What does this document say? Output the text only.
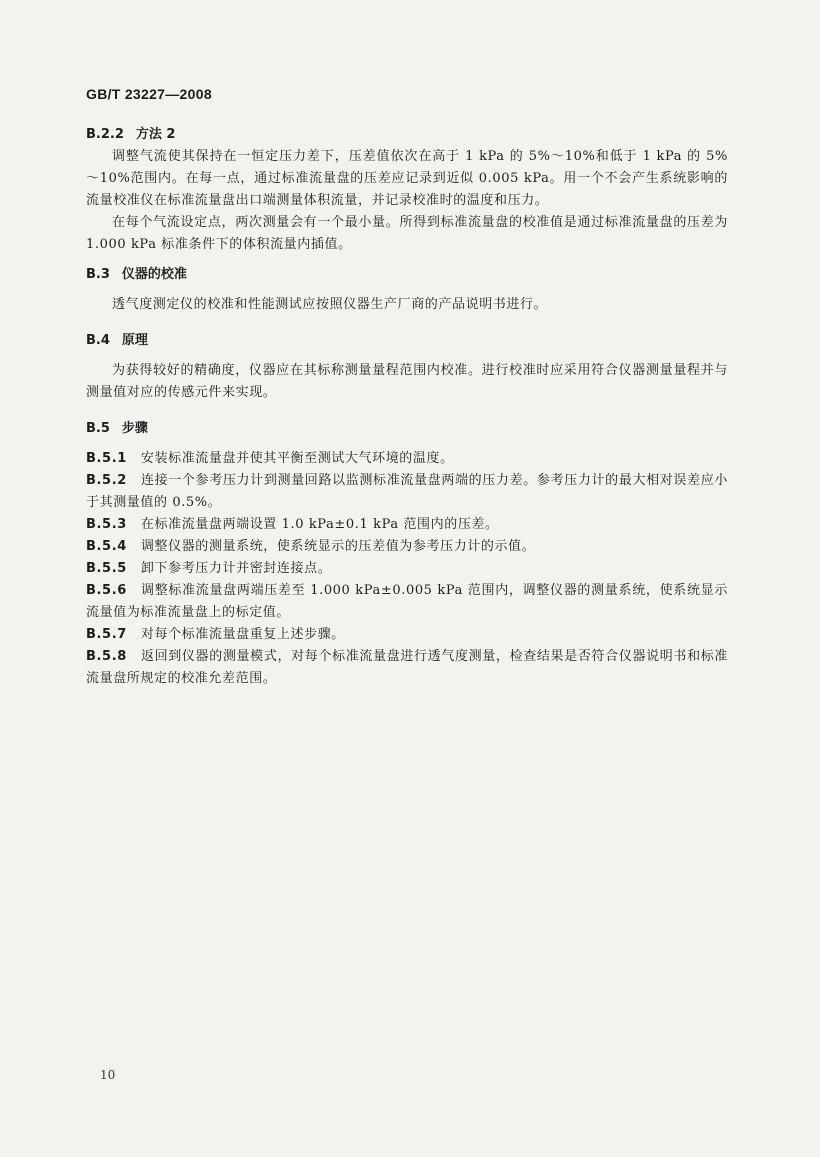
GB/T 23227—2008
B.2.2 方法 2

调整气流使其保持在一恒定压力差下，压差值依次在高于 1 kPa 的 5%～10%和低于 1 kPa 的 5%～10%范围内。在每一点，通过标准流量盘的压差应记录到近似 0.005 kPa。用一个不会产生系统影响的流量校准仪在标准流量盘出口端测量体积流量，并记录校准时的温度和压力。

在每个气流设定点，两次测量会有一个最小量。所得到标准流量盘的校准值是通过标准流量盘的压差为 1.000 kPa 标准条件下的体积流量内插值。

B.3 仪器的校准

透气度测定仪的校准和性能测试应按照仪器生产厂商的产品说明书进行。

B.4 原理

为获得较好的精确度，仪器应在其标称测量量程范围内校准。进行校准时应采用符合仪器测量量程并与测量值对应的传感元件来实现。

B.5 步骤

B.5.1 安装标准流量盘并使其平衡至测试大气环境的温度。

B.5.2 连接一个参考压力计到测量回路以监测标准流量盘两端的压力差。参考压力计的最大相对误差应小于其测量值的 0.5%。

B.5.3 在标准流量盘两端设置 1.0 kPa±0.1 kPa 范围内的压差。

B.5.4 调整仪器的测量系统，使系统显示的压差值为参考压力计的示值。

B.5.5 卸下参考压力计并密封连接点。

B.5.6 调整标准流量盘两端压差至 1.000 kPa±0.005 kPa 范围内，调整仪器的测量系统，使系统显示流量值为标准流量盘上的标定值。

B.5.7 对每个标准流量盘重复上述步骤。

B.5.8 返回到仪器的测量模式，对每个标准流量盘进行透气度测量，检查结果是否符合仪器说明书和标准流量盘所规定的校准允差范围。

10
